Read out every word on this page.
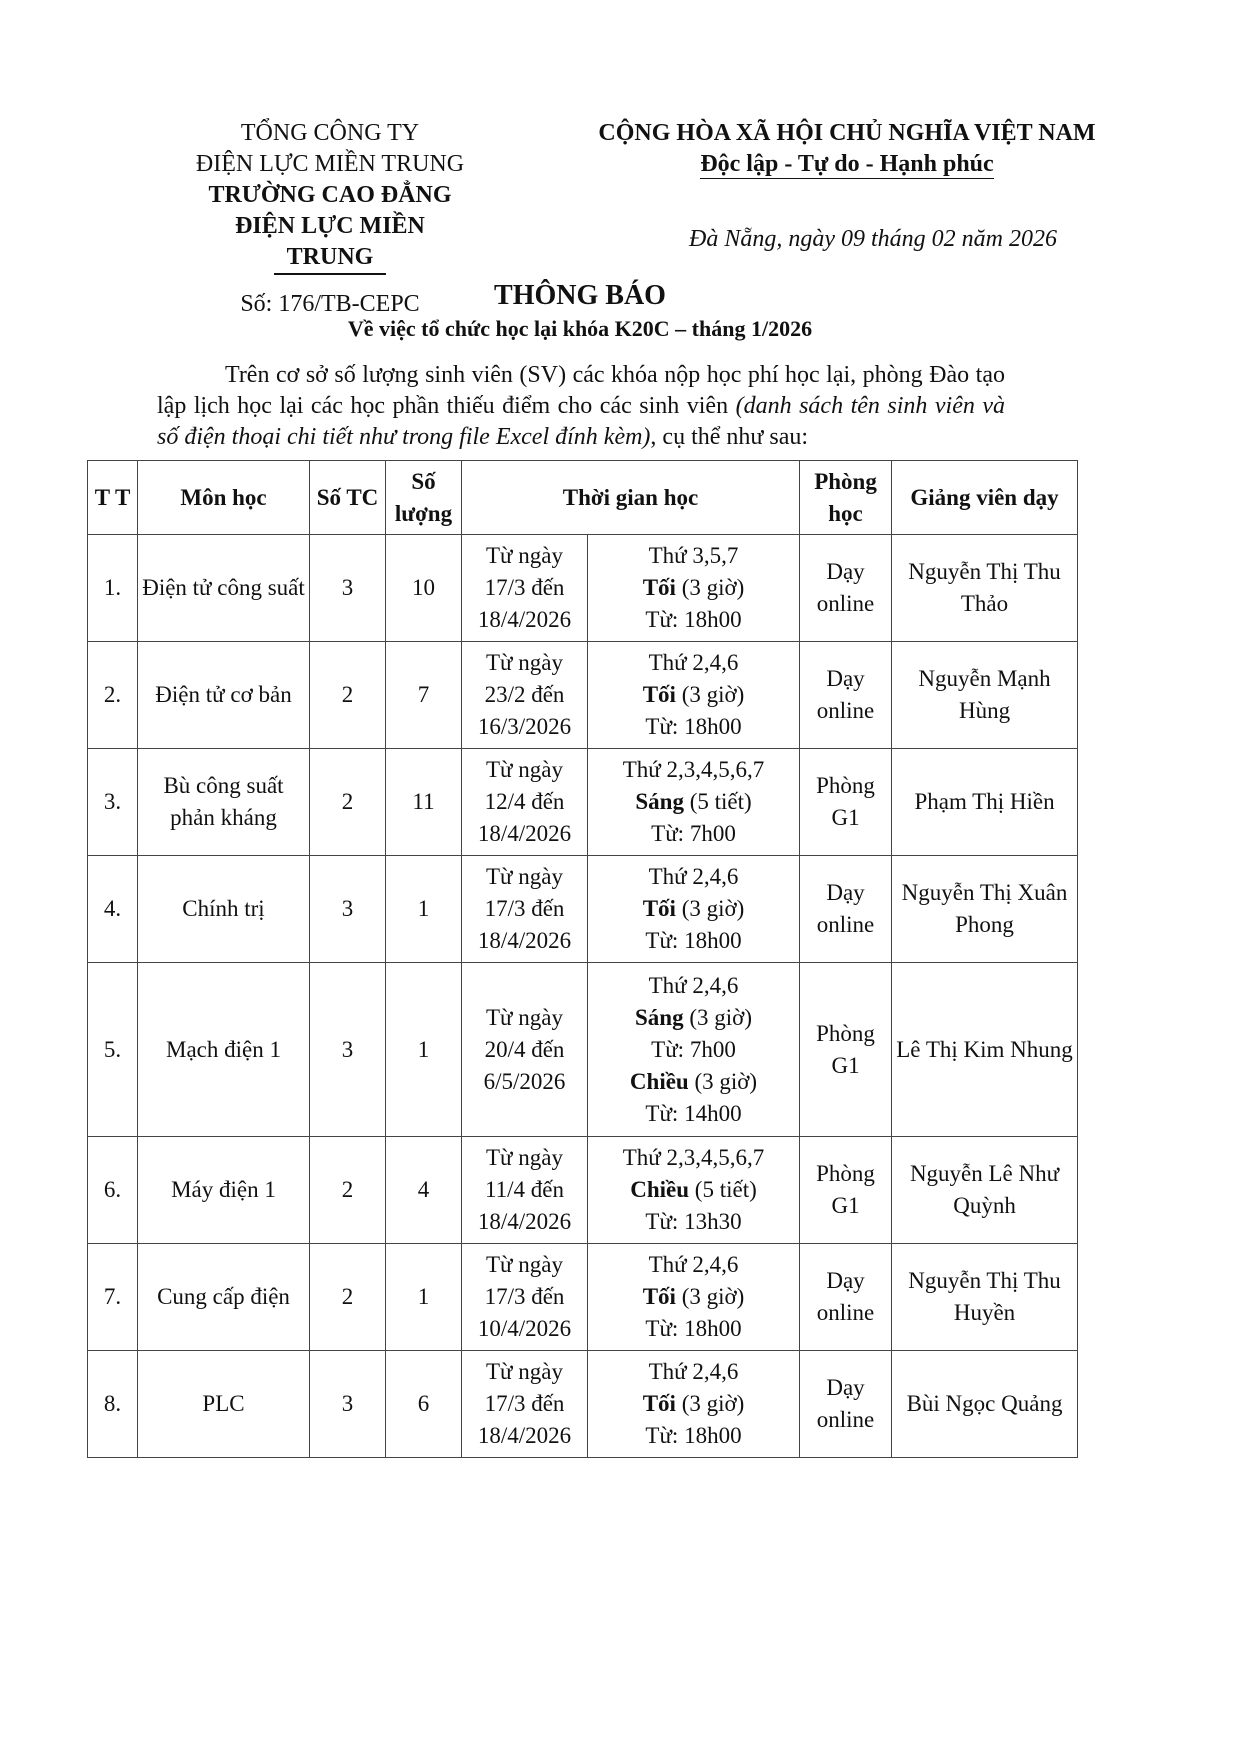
TỔNG CÔNG TY
ĐIỆN LỰC MIỀN TRUNG
TRƯỜNG CAO ĐẲNG
ĐIỆN LỰC MIỀN TRUNG
Số: 176/TB-CEPC
CỘNG HÒA XÃ HỘI CHỦ NGHĨA VIỆT NAM
Độc lập - Tự do - Hạnh phúc
Đà Nẵng, ngày 09 tháng 02 năm 2026
THÔNG BÁO
Về việc tổ chức học lại khóa K20C – tháng 1/2026
Trên cơ sở số lượng sinh viên (SV) các khóa nộp học phí học lại, phòng Đào tạo lập lịch học lại các học phần thiếu điểm cho các sinh viên (danh sách tên sinh viên và số điện thoại chi tiết như trong file Excel đính kèm), cụ thể như sau:
T T	Môn học	Số TC	Số lượng	Thời gian học		Phòng học	Giảng viên dạy
1.	Điện tử công suất	3	10	Từ ngày 17/3 đến 18/4/2026	Thứ 3,5,7
Tối (3 giờ)
Từ: 18h00	Dạy online	Nguyễn Thị Thu Thảo
2.	Điện tử cơ bản	2	7	Từ ngày 23/2 đến 16/3/2026	Thứ 2,4,6
Tối (3 giờ)
Từ: 18h00	Dạy online	Nguyễn Mạnh Hùng
3.	Bù công suất phản kháng	2	11	Từ ngày 12/4 đến 18/4/2026	Thứ 2,3,4,5,6,7
Sáng (5 tiết)
Từ: 7h00	Phòng G1	Phạm Thị Hiền
4.	Chính trị	3	1	Từ ngày 17/3 đến 18/4/2026	Thứ 2,4,6
Tối (3 giờ)
Từ: 18h00	Dạy online	Nguyễn Thị Xuân Phong
5.	Mạch điện 1	3	1	Từ ngày 20/4 đến 6/5/2026	Thứ 2,4,6
Sáng (3 giờ)
Từ: 7h00
Chiều (3 giờ)
Từ: 14h00	Phòng G1	Lê Thị Kim Nhung
6.	Máy điện 1	2	4	Từ ngày 11/4 đến 18/4/2026	Thứ 2,3,4,5,6,7
Chiều (5 tiết)
Từ: 13h30	Phòng G1	Nguyễn Lê Như Quỳnh
7.	Cung cấp điện	2	1	Từ ngày 17/3 đến 10/4/2026	Thứ 2,4,6
Tối (3 giờ)
Từ: 18h00	Dạy online	Nguyễn Thị Thu Huyền
8.	PLC	3	6	Từ ngày 17/3 đến 18/4/2026	Thứ 2,4,6
Tối (3 giờ)
Từ: 18h00	Dạy online	Bùi Ngọc Quảng
